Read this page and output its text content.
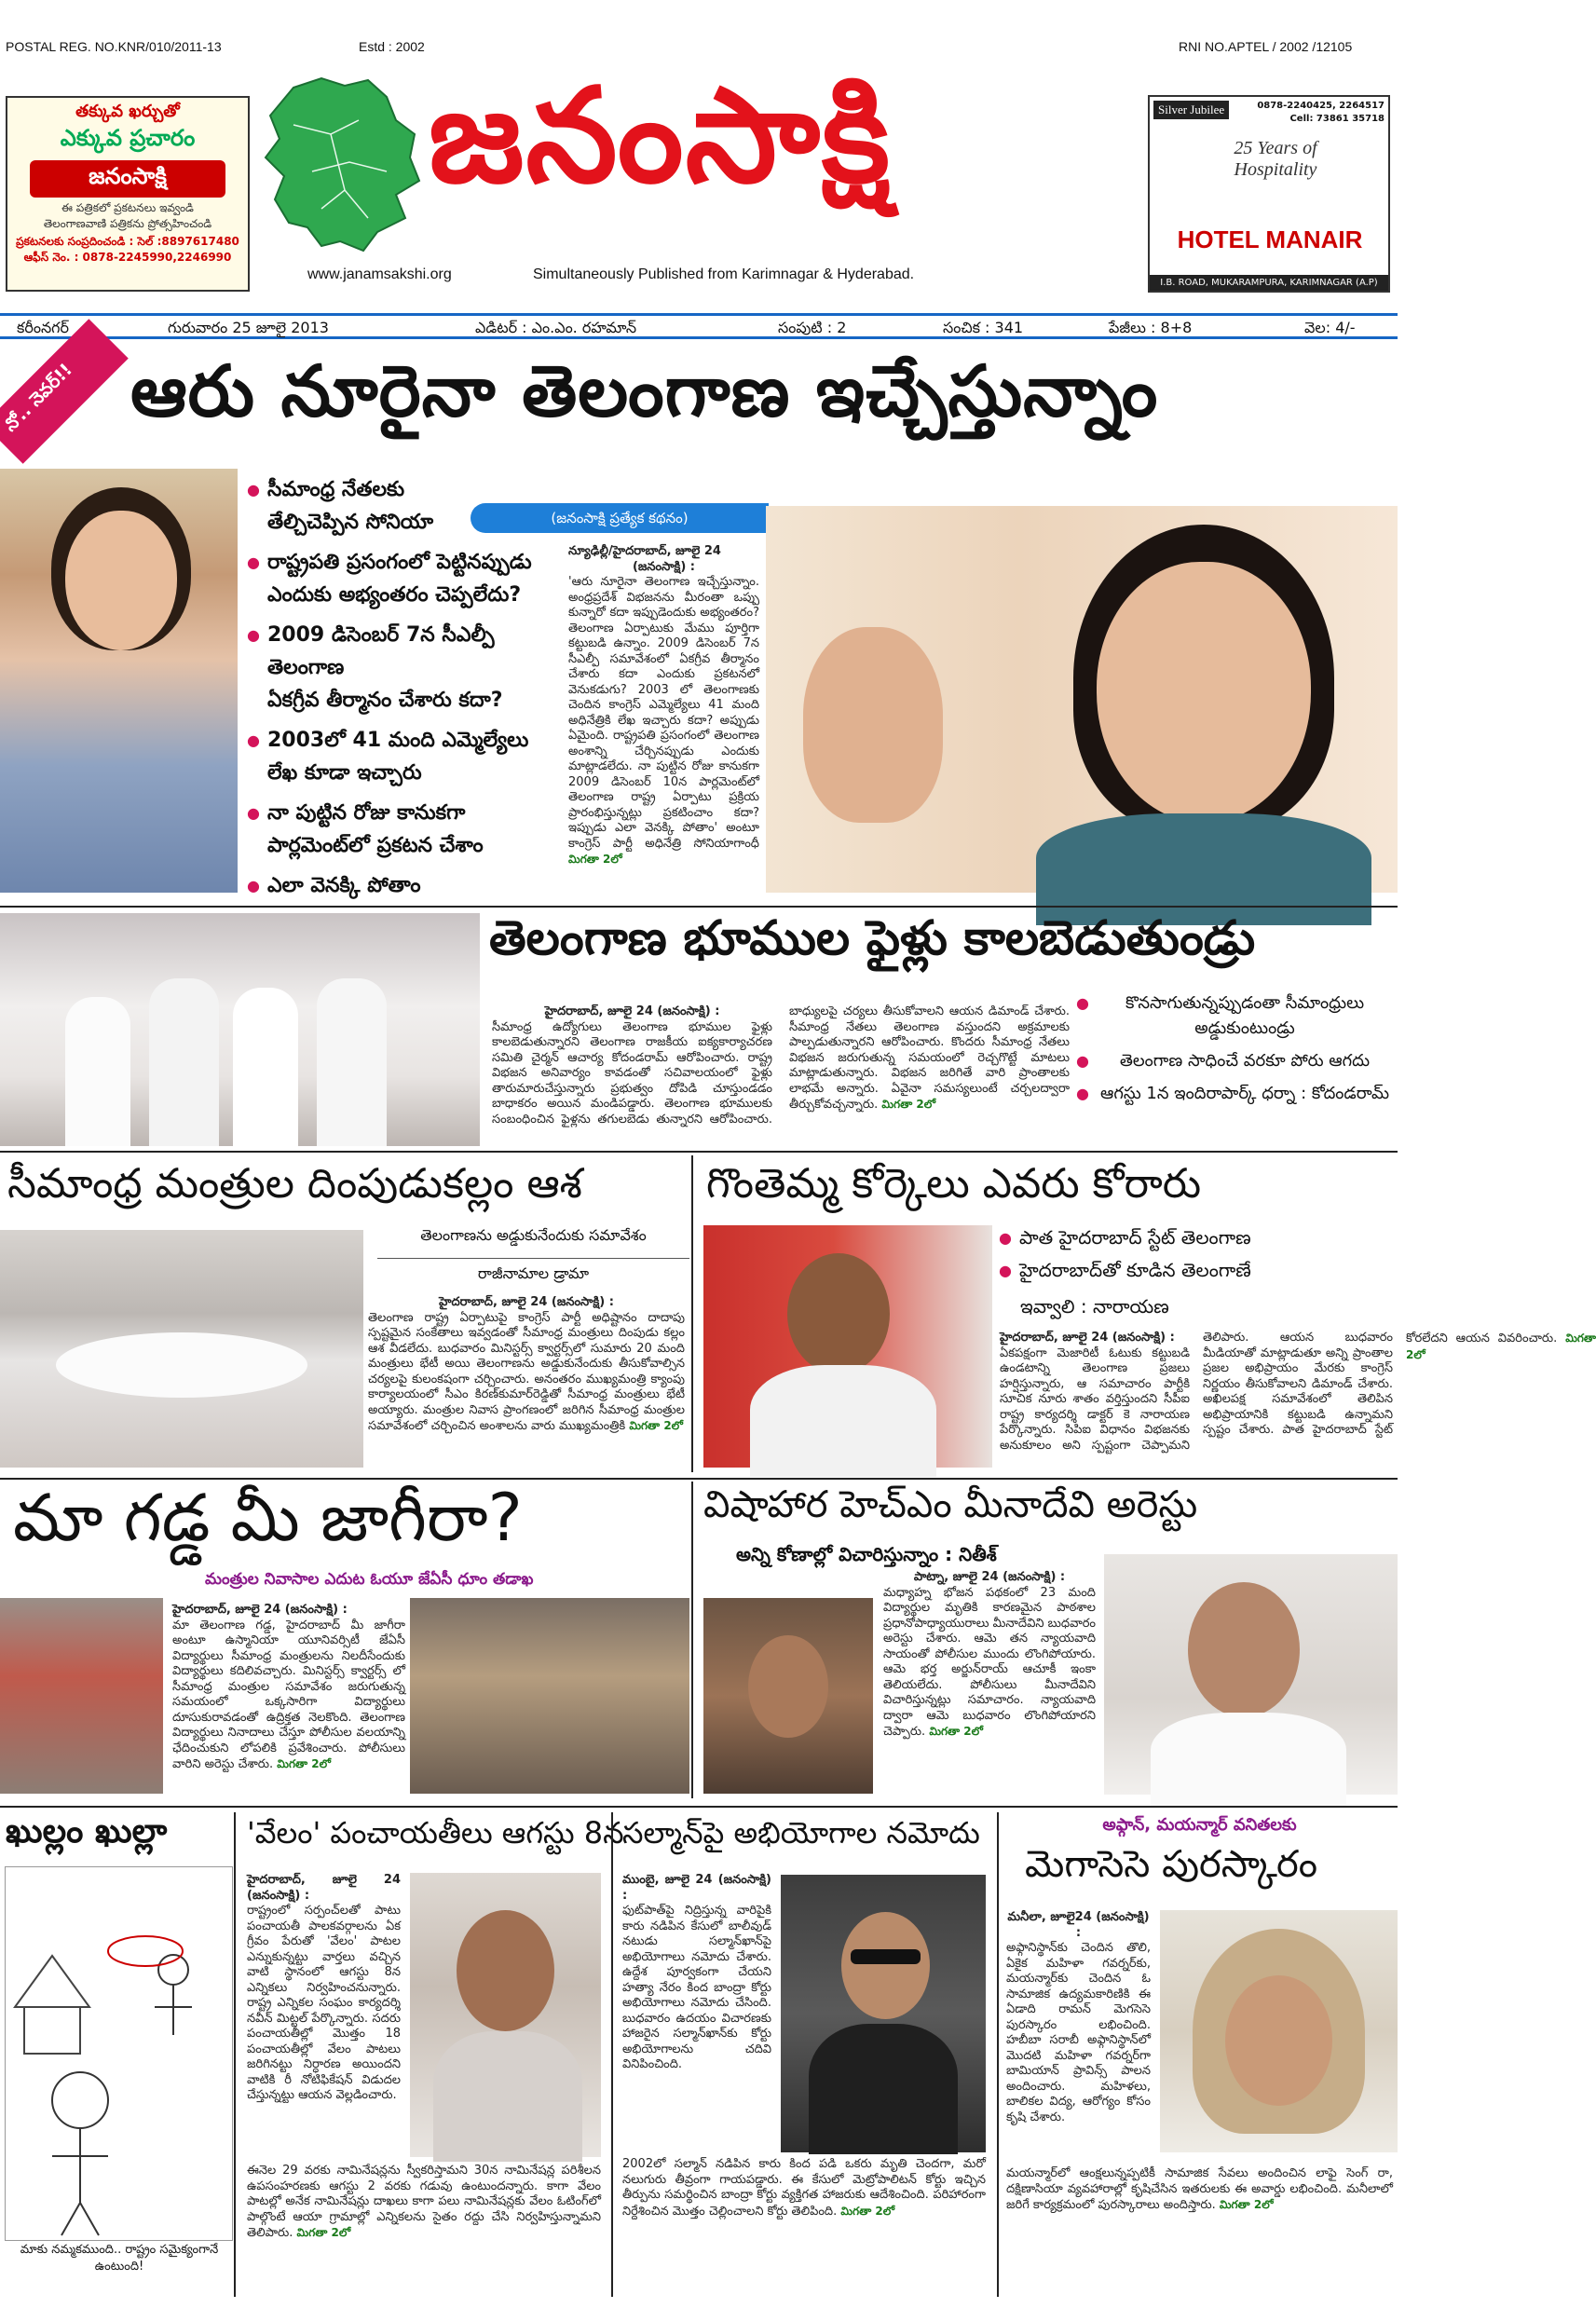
POSTAL REG. NO.KNR/010/2011-13	Estd : 2002	RNI NO.APTEL / 2002 /12105
తక్కువ ఖర్చుతో
ఎక్కువ ప్రచారం
జనంసాక్షి
ఈ పత్రికలో ప్రకటనలు ఇవ్వండి
తెలంగాణవాణి పత్రికను ప్రోత్సహించండి
ప్రకటనలకు సంప్రదించండి : సెల్ :8897617480
ఆఫీస్ నెం. : 0878-2245990,2246990
జనంసాక్షి
www.janamsakshi.org	Simultaneously Published from Karimnagar & Hyderabad.
Silver Jubilee	0878-2240425, 2264517
Cell: 73861 35718
25 Years of Hospitality
HOTEL MANAIR
I.B. ROAD, MUKARAMPURA, KARIMNAGAR (A.P)
కరీంనగర్	గురువారం 25 జూలై 2013	ఎడిటర్ : ఎం.ఎం. రహమాన్	సంపుటి : 2	సంచిక : 341	పేజీలు : 8+8	వెల: 4/-
నో.. నెవర్!! ఆరు నూరైనా తెలంగాణ ఇచ్చేస్తున్నాం
● సీమాంధ్ర నేతలకు
తేల్చిచెప్పిన సోనియా
● రాష్ట్రపతి ప్రసంగంలో పెట్టినప్పుడు
ఎందుకు అభ్యంతరం చెప్పలేదు?
● 2009 డిసెంబర్ 7న సీఎల్పీ తెలంగాణ
ఏకగ్రీవ తీర్మానం చేశారు కదా?
● 2003లో 41 మంది ఎమ్మెల్యేలు
లేఖ కూడా ఇచ్చారు
● నా పుట్టిన రోజు కానుకగా
పార్లమెంట్‌లో ప్రకటన చేశాం
● ఎలా వెనక్కి పోతాం
(జనంసాక్షి ప్రత్యేక కథనం)
న్యూఢిల్లీ/హైదరాబాద్, జూలై 24
(జనంసాక్షి) :
'ఆరు నూరైనా తెలంగాణ ఇచ్చేస్తున్నాం. అంధ్రప్రదేశ్ విభజనను మీరంతా ఒప్పు కున్నారో కదా ఇప్పుడెందుకు అభ్యంతరం? తెలంగాణ ఏర్పాటుకు మేము పూర్తిగా కట్టుబడి ఉన్నాం. 2009 డిసెంబర్ 7న సీఎల్పీ సమావేశంలో ఏకగ్రీవ తీర్మానం చేశారు కదా ఎందుకు ప్రకటనలో వెనుకడుగు? 2003 లో తెలంగాణకు చెందిన కాంగ్రెస్ ఎమ్మెల్యేలు 41 మంది అధినేత్రికి లేఖ ఇచ్చారు కదా? అప్పుడు ఏమైంది. రాష్ట్రపతి ప్రసంగంలో తెలంగాణ అంశాన్ని చేర్చినప్పుడు ఎందుకు మాట్లాడలేదు. నా పుట్టిన రోజు కానుకగా 2009 డిసెంబర్ 10న పార్లమెంట్‌లో తెలంగాణ రాష్ట్ర ఏర్పాటు ప్రక్రియ ప్రారంభిస్తున్నట్లు ప్రకటించాం కదా? ఇప్పుడు ఎలా వెనక్కి పోతాం' అంటూ కాంగ్రెస్ పార్టీ అధినేత్రి సోనియాగాంధీ మిగతా 2లో
తెలంగాణ భూముల ఫైళ్లు కాలబెడుతుండ్రు
హైదరాబాద్, జూలై 24 (జనంసాక్షి) :
సీమాంధ్ర ఉద్యోగులు తెలంగాణ భూముల ఫైళ్లు కాలబెడుతున్నారని తెలంగాణ రాజకీయ ఐక్యకార్యాచరణ సమితి చైర్మన్ ఆచార్య కోదండరామ్ ఆరోపించారు. రాష్ట్ర విభజన అనివార్యం కావడంతో సచివాలయంలో ఫైళ్లు తారుమారుచేస్తున్నారు ప్రభుత్వం దోపిడి చూస్తుండడం బాధాకరం అయిన మండిపడ్డారు. తెలంగాణ భూములకు సంబంధించిన ఫైళ్లను తగులబెడు తున్నారని ఆరోపించారు. బాధ్యులపై చర్యలు తీసుకోవాలని ఆయన డిమాండ్ చేశారు. సీమాంధ్ర నేతలు తెలంగాణ వస్తుందని అక్రమాలకు పాల్పడుతున్నారని ఆరోపించారు. కొందరు సీమాంధ్ర నేతలు విభజన జరుగుతున్న సమయంలో రెచ్చగొట్టే మాటలు మాట్లాడుతున్నారు. విభజన జరిగితే వారి ప్రాంతాలకు లాభమే అన్నారు. ఏవైనా సమస్యలుంటే చర్చలద్వారా తీర్చుకోవచ్చన్నారు. మిగతా 2లో
● కొనసాగుతున్నప్పుడంతా సీమాంధ్రులు అడ్డుకుంటుండ్రు
● తెలంగాణ సాధించే వరకూ పోరు ఆగదు
● ఆగస్టు 1న ఇందిరాపార్క్ ధర్నా : కోదండరామ్
సీమాంధ్ర మంత్రుల దింపుడుకల్లం ఆశ
తెలంగాణను అడ్డుకునేందుకు సమావేశం
రాజీనామాల డ్రామా
హైదరాబాద్, జూలై 24 (జనంసాక్షి) :
తెలంగాణ రాష్ట్ర ఏర్పాటుపై కాంగ్రెస్ పార్టీ అధిష్టానం దాదాపు స్పష్టమైన సంకేతాలు ఇవ్వడంతో సీమాంధ్ర మంత్రులు దింపుడు కల్లం ఆశ వీడలేదు. బుధవారం మినిస్టర్స్ క్వార్టర్స్‌లో సుమారు 20 మంది మంత్రులు భేటీ అయి తెలంగాణను అడ్డుకునేందుకు తీసుకోవాల్సిన చర్యలపై కులంకషంగా చర్చించారు. అనంతరం ముఖ్యమంత్రి క్యాంపు కార్యాలయంలో సీఎం కిరణ్‌కుమార్‌రెడ్డితో సీమాంధ్ర మంత్రులు భేటీ అయ్యారు. మంత్రుల నివాస ప్రాంగణంలో జరిగిన సీమాంధ్ర మంత్రుల సమావేశంలో చర్చించిన అంశాలను వారు ముఖ్యమంత్రికి మిగతా 2లో
గొంతెమ్మ కోర్కెలు ఎవరు కోరారు
● పాత హైదరాబాద్ స్టేట్ తెలంగాణ
● హైదరాబాద్‌తో కూడిన తెలంగాణే
ఇవ్వాలి : నారాయణ
హైదరాబాద్, జూలై 24 (జనంసాక్షి) :
ఏకపక్షంగా మెజారిటీ ఓటుకు కట్టుబడి ఉండటాన్ని తెలంగాణ ప్రజలు హర్షిస్తున్నారు, ఆ సమాచారం పార్టీకి సూచిక నూరు శాతం వర్తిస్తుందని సీపీఐ రాష్ట్ర కార్యదర్శి డాక్టర్ కె నారాయణ పేర్కొన్నారు. సిపిఐ విధానం విభజనకు అనుకూలం అని స్పష్టంగా చెప్పామని తెలిపారు. ఆయన బుధవారం మీడియాతో మాట్లాడుతూ అన్ని ప్రాంతాల ప్రజల అభిప్రాయం మేరకు కాంగ్రెస్ నిర్ణయం తీసుకోవాలని డిమాండ్ చేశారు. అఖిలపక్ష సమావేశంలో తెలిపిన అభిప్రాయానికి కట్టుబడి ఉన్నామని స్పష్టం చేశారు. పాత హైదరాబాద్ స్టేట్ కోరలేదని ఆయన వివరించారు. మిగతా 2లో
మా గడ్డ మీ జాగీరా?
మంత్రుల నివాసాల ఎదుట ఓయూ జేఏసీ ధూం తడాఖ
హైదరాబాద్, జూలై 24 (జనంసాక్షి) :
మా తెలంగాణ గడ్డ, హైదరాబాద్ మీ జాగీరా అంటూ ఉస్మానియా యూనివర్సిటీ జేఏసీ విద్యార్థులు సీమాంధ్ర మంత్రులను నిలదీసేందుకు విద్యార్థులు కదిలివచ్చారు. మినిస్టర్స్ క్వార్టర్స్ లో సీమాంధ్ర మంత్రుల సమావేశం జరుగుతున్న సమయంలో ఒక్కసారిగా విద్యార్థులు దూసుకురావడంతో ఉద్రిక్తత నెలకొంది. తెలంగాణ విద్యార్థులు నినాదాలు చేస్తూ పోలీసుల వలయాన్ని ఛేదించుకుని లోపలికి ప్రవేశించారు. పోలీసులు వారిని అరెస్టు చేశారు. మిగతా 2లో
విషాహార హెచ్‌ఎం మీనాదేవి అరెస్టు
అన్ని కోణాల్లో విచారిస్తున్నాం : నితీశ్
పాట్నా, జూలై 24 (జనంసాక్షి) :
మధ్యాహ్న భోజన పథకంలో 23 మంది విద్యార్థుల మృతికి కారణమైన పాఠశాల ప్రధానోపాధ్యాయురాలు మీనాదేవిని బుధవారం అరెస్టు చేశారు. ఆమె తన న్యాయవాది సాయంతో పోలీసుల ముందు లొంగిపోయారు. ఆమె భర్త అర్జున్‌రాయ్ ఆచూకీ ఇంకా తెలియలేదు. పోలీసులు మీనాదేవిని విచారిస్తున్నట్లు సమాచారం. న్యాయవాది ద్వారా ఆమె బుధవారం లొంగిపోయారని చెప్పారు. మిగతా 2లో
ఖుల్లం ఖుల్లా
మాకు నమ్మకముంది.. రాష్ట్రం సమైక్యంగానే ఉంటుంది!
'వేలం' పంచాయతీలు ఆగస్టు 8న
హైదరాబాద్, జూలై 24 (జనంసాక్షి) :
రాష్ట్రంలో సర్పంచ్‌లతో పాటు పంచాయతీ పాలకవర్గాలను ఏక గ్రీవం పేరుతో 'వేలం' పాటల ఎన్నుకున్నట్టు వార్తలు వచ్చిన వాటి స్థానంలో ఆగస్టు 8న ఎన్నికలు నిర్వహించనున్నారు. రాష్ట్ర ఎన్నికల సంఘం కార్యదర్శి నవీన్ మిట్టల్ పేర్కొన్నారు. సదరు పంచాయతీల్లో మొత్తం 18 పంచాయతీల్లో వేలం పాటలు జరిగినట్టు నిర్ధారణ అయిందని వాటికి రీ నోటిఫికేషన్ విడుదల చేస్తున్నట్టు ఆయన వెల్లడించారు.
ఈనెల 29 వరకు నామినేషన్లను స్వీకరిస్తామని 30న నామినేషన్ల పరిశీలన ఉపసంహరణకు ఆగస్టు 2 వరకు గడువు ఉంటుందన్నారు. కాగా వేలం పాటల్లో అనేక నామినేషన్లు దాఖలు కాగా పలు నామినేషన్లకు వేలం ఓటింగ్‌లో పాల్గొంటే ఆయా గ్రామాల్లో ఎన్నికలను సైతం రద్దు చేసి నిర్వహిస్తున్నామని తెలిపారు. మిగతా 2లో
సల్మాన్‌పై అభియోగాల నమోదు
ముంబై, జూలై 24 (జనంసాక్షి) :
ఫుట్‌పాత్‌పై నిద్రిస్తున్న వారిపైకి కారు నడిపిన కేసులో బాలీవుడ్ నటుడు సల్మాన్‌ఖాన్‌పై అభియోగాలు నమోదు చేశారు. ఉద్దేశ పూర్వకంగా చేయని హత్యా నేరం కింద బాంద్రా కోర్టు అభియోగాలు నమోదు చేసింది. బుధవారం ఉదయం విచారణకు హాజరైన సల్మాన్‌ఖాన్‌కు కోర్టు అభియోగాలను చదివి వినిపించింది.
2002లో సల్మాన్ నడిపిన కారు కింద పడి ఒకరు మృతి చెందగా, మరో నలుగురు తీవ్రంగా గాయపడ్డారు. ఈ కేసులో మెట్రోపాలిటన్ కోర్టు ఇచ్చిన తీర్పును సమర్థించిన బాంద్రా కోర్టు వ్యక్తిగత హాజరుకు ఆదేశించింది. పరిహారంగా నిర్దేశించిన మొత్తం చెల్లించాలని కోర్టు తెలిపింది. మిగతా 2లో
అఫ్గాన్, మయన్మార్ వనితలకు
మెగాసెసె పురస్కారం
మనీలా, జూలై24 (జనంసాక్షి) :
అఫ్గానిస్థాన్‌కు చెందిన తొలి, ఏకైక మహిళా గవర్నర్‌కు, మయన్మార్‌కు చెందిన ఓ సామాజిక ఉద్యమకారిణికి ఈ ఏడాది రామన్ మెగసెసె పురస్కారం లభించింది. హబీబా సరాబీ అఫ్గానిస్థాన్‌లో మొదటి మహిళా గవర్నర్‌గా బామియాన్ ప్రావిన్స్ పాలన అందించారు. మహిళలు, బాలికల విద్య, ఆరోగ్యం కోసం కృషి చేశారు.
మయన్మార్‌లో ఆంక్షలున్నప్పటికీ సామాజిక సేవలు అందించిన లాఫై సెంగ్ రా, దక్షిణాసియా వ్యవహారాల్లో కృషిచేసిన ఇతరులకు ఈ అవార్డు లభించింది. మనీలాలో జరిగే కార్యక్రమంలో పురస్కారాలు అందిస్తారు. మిగతా 2లో
